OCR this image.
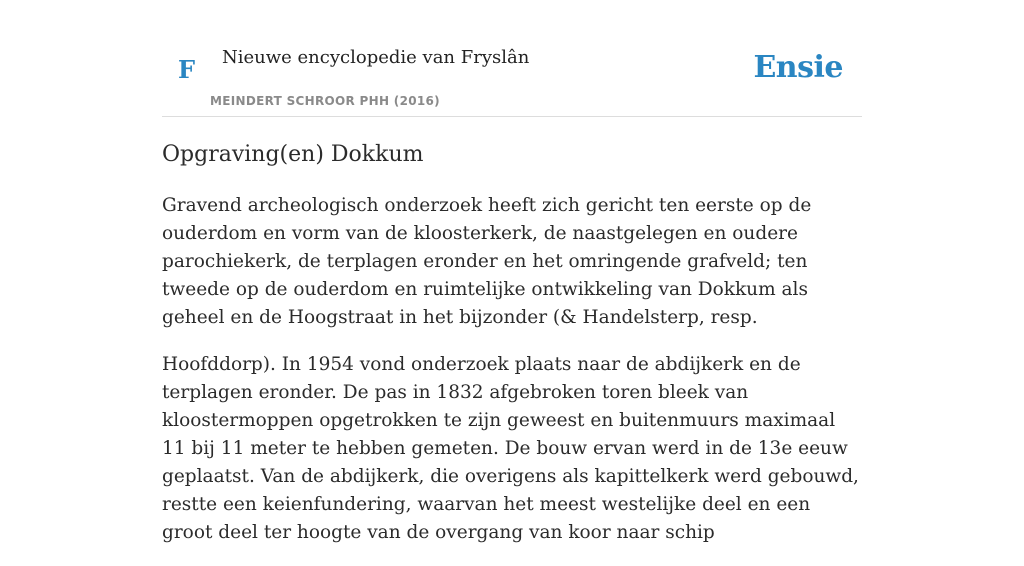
F Nieuwe encyclopedie van Fryslân
MEINDERT SCHROOR PHH (2016)
Ensie
Opgraving(en) Dokkum

Gravend archeologisch onderzoek heeft zich gericht ten eerste op de ouderdom en vorm van de kloosterkerk, de naastgelegen en oudere parochiekerk, de terplagen eronder en het omringende grafveld; ten tweede op de ouderdom en ruimtelijke ontwikkeling van Dokkum als geheel en de Hoogstraat in het bijzonder (& Handelsterp, resp.

Hoofddorp). In 1954 vond onderzoek plaats naar de abdijkerk en de terplagen eronder. De pas in 1832 afgebroken toren bleek van kloostermoppen opgetrokken te zijn geweest en buitenmuurs maximaal 11 bij 11 meter te hebben gemeten. De bouw ervan werd in de 13e eeuw geplaatst. Van de abdijkerk, die overigens als kapittelkerk werd gebouwd, restte een keienfundering, waarvan het meest westelijke deel en een groot deel ter hoogte van de overgang van koor naar schip
